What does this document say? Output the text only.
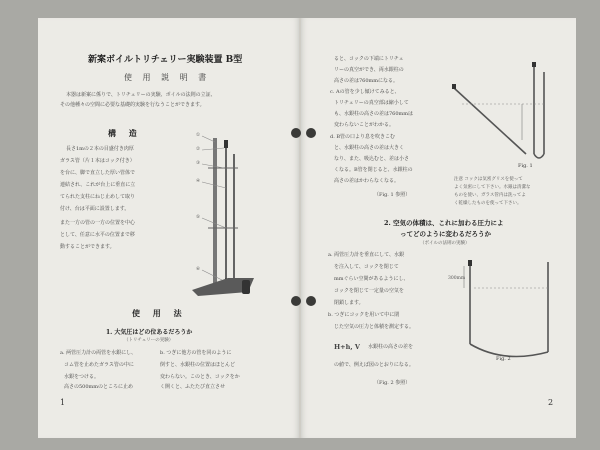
新案ボイルトリチェリー実験装置 B型
使 用 説 明 書
本器は新案に係りで、トリチェリーの実験、ボイルの法則の立証、
その他種々の空間に必要な基礎的実験を行なうことができます。
構 造
長さ1mの２本の目盛付き肉厚
ガラス管（片１本はコック付き）
を台に、脚で直立した厚い管体で
連結され、これが台上に垂直に立
てられた支柱にねじ止めして取り
付け、台は平面に設置します。
また一方の管の一方の位置を中心
として、任意に水平の位置まで移
動することができます。
①
②
③
④
⑤
⑥
使 用 法
1. 大気圧はどの位あるだろうか
（トリチェリーの実験）
a. 两管圧力計の両管を水銀にし、
コム管を止めたガラス管の中に
水銀をつける。
高さの500mmのところに止め
b. つぎに他方の管を同のように
倒すと、水銀柱の位置はほとんど
変わらない。このとき、コックをか
く開くと、ふたたび直立させ
1
ると、コックの下端にトリチェ
リーの真空ができ、両水銀柱の
高さの差は760mmになる。
c. Aの管を少し傾けてみると、
トリチェリーの真空部は縮小して
も、水銀柱の高さの差は760mmは
変わらないことがわかる。
d. B管の口より息を吹きこむ
と、水銀柱の高さの差は大きく
なり、また、吸込むと、差は小さ
くなる。B管を閉じると、水銀柱の
高さの差はかわらなくなる。
（Fig. 1 参照）
Fig. 1
注意 コックは気密グリスを使って
よく気密にして下さい。水銀は清潔な
ものを使い、ガラス管内は洗ってよ
く乾燥したものを使って下さい。
2. 空気の体積は、これに加わる圧力によ
ってどのように変わるだろうか
（ボイルの法則の実験）
a. 両管圧力計を垂直にして、水銀
を注入して、コックを閉じて
mmぐらい空間があるようにし、
コックを閉じて一定量の空気を
閉鎖します。
b. つぎにコックを用いて中に閉
じた空気の圧力と体積を測定する。
H+h, V 水銀柱の高さの差を
の値で、例えば図のとおりになる。
（Fig. 2 参照）
300mm
Fig. 2
2
